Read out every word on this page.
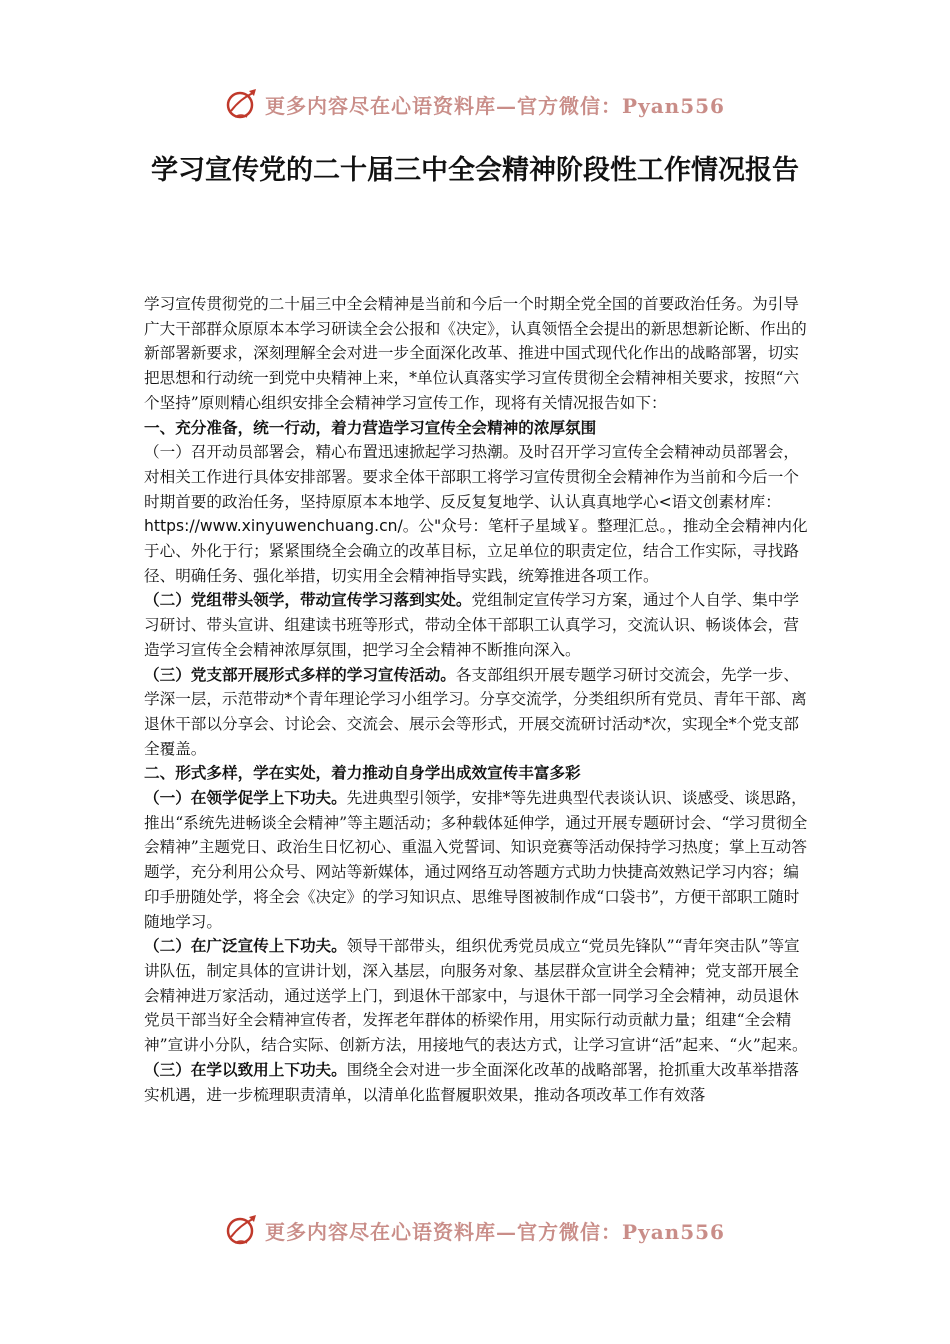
更多内容尽在心语资料库—官方微信：Pyan556
学习宣传党的二十届三中全会精神阶段性工作情况报告

学习宣传贯彻党的二十届三中全会精神是当前和今后一个时期全党全国的首要政治任务。为引导广大干部群众原原本本学习研读全会公报和《决定》，认真领悟全会提出的新思想新论断、作出的新部署新要求，深刻理解全会对进一步全面深化改革、推进中国式现代化作出的战略部署，切实把思想和行动统一到党中央精神上来，*单位认真落实学习宣传贯彻全会精神相关要求，按照“六个坚持”原则精心组织安排全会精神学习宣传工作，现将有关情况报告如下：

一、充分准备，统一行动，着力营造学习宣传全会精神的浓厚氛围

（一）召开动员部署会，精心布置迅速掀起学习热潮。及时召开学习宣传全会精神动员部署会，对相关工作进行具体安排部署。要求全体干部职工将学习宣传贯彻全会精神作为当前和今后一个时期首要的政治任务，坚持原原本本地学、反反复复地学、认认真真地学心<语文创素材库：https://www.xinyuwenchuang.cn/。公"众号：笔杆子星域￥。整理汇总。，推动全会精神内化于心、外化于行；紧紧围绕全会确立的改革目标，立足单位的职责定位，结合工作实际，寻找路径、明确任务、强化举措，切实用全会精神指导实践，统筹推进各项工作。

（二）党组带头领学，带动宣传学习落到实处。党组制定宣传学习方案，通过个人自学、集中学习研讨、带头宣讲、组建读书班等形式，带动全体干部职工认真学习，交流认识、畅谈体会，营造学习宣传全会精神浓厚氛围，把学习全会精神不断推向深入。

（三）党支部开展形式多样的学习宣传活动。各支部组织开展专题学习研讨交流会，先学一步、学深一层，示范带动*个青年理论学习小组学习。分享交流学，分类组织所有党员、青年干部、离退休干部以分享会、讨论会、交流会、展示会等形式，开展交流研讨活动*次，实现全*个党支部全覆盖。

二、形式多样，学在实处，着力推动自身学出成效宣传丰富多彩

（一）在领学促学上下功夫。先进典型引领学，安排*等先进典型代表谈认识、谈感受、谈思路，推出“系统先进畅谈全会精神”等主题活动；多种载体延伸学，通过开展专题研讨会、“学习贯彻全会精神”主题党日、政治生日忆初心、重温入党誓词、知识竞赛等活动保持学习热度；掌上互动答题学，充分利用公众号、网站等新媒体，通过网络互动答题方式助力快捷高效熟记学习内容；编印手册随处学，将全会《决定》的学习知识点、思维导图被制作成“口袋书”，方便干部职工随时随地学习。

（二）在广泛宣传上下功夫。领导干部带头，组织优秀党员成立“党员先锋队”“青年突击队”等宣讲队伍，制定具体的宣讲计划，深入基层，向服务对象、基层群众宣讲全会精神；党支部开展全会精神进万家活动，通过送学上门，到退休干部家中，与退休干部一同学习全会精神，动员退休党员干部当好全会精神宣传者，发挥老年群体的桥梁作用，用实际行动贡献力量；组建“全会精神”宣讲小分队，结合实际、创新方法，用接地气的表达方式，让学习宣讲“活”起来、“火”起来。

（三）在学以致用上下功夫。围绕全会对进一步全面深化改革的战略部署，抢抓重大改革举措落实机遇，进一步梳理职责清单，以清单化监督履职效果，推动各项改革工作有效落

更多内容尽在心语资料库—官方微信：Pyan556
